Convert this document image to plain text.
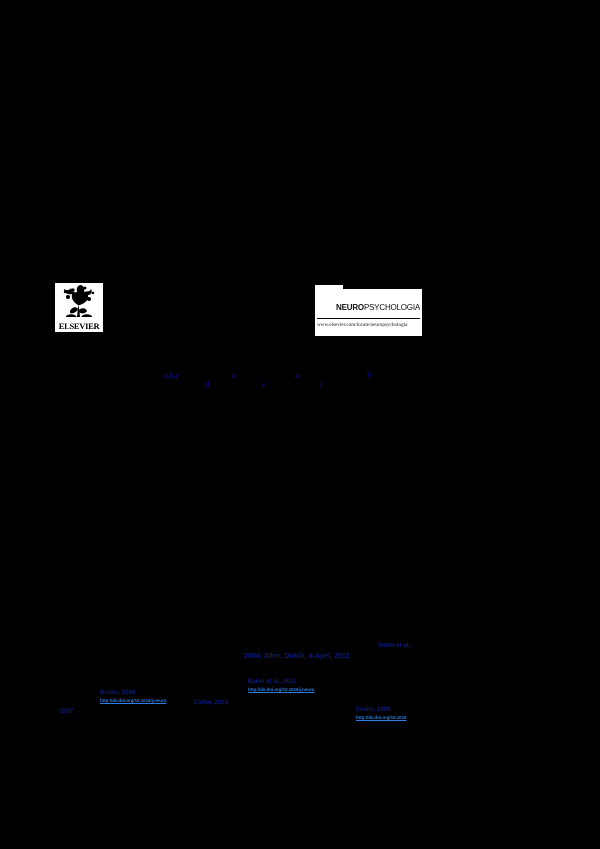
ELSEVIER
NEUROPSYCHOLOGIA
www.elsevier.com/locate/neuropsychologia
a,b,c
d
a
e
a
f
b
Smith et al.,
2004; Allen, Dutch, & Apel, 2012
Baker et al., 2011
http://dx.doi.org/10.1016/j.neuro
Brown, 2006
http://dx.doi.org/10.1016/j.neuro	Carter, 2014
Evans, 2009
http://dx.doi.org/10.1016
2007
